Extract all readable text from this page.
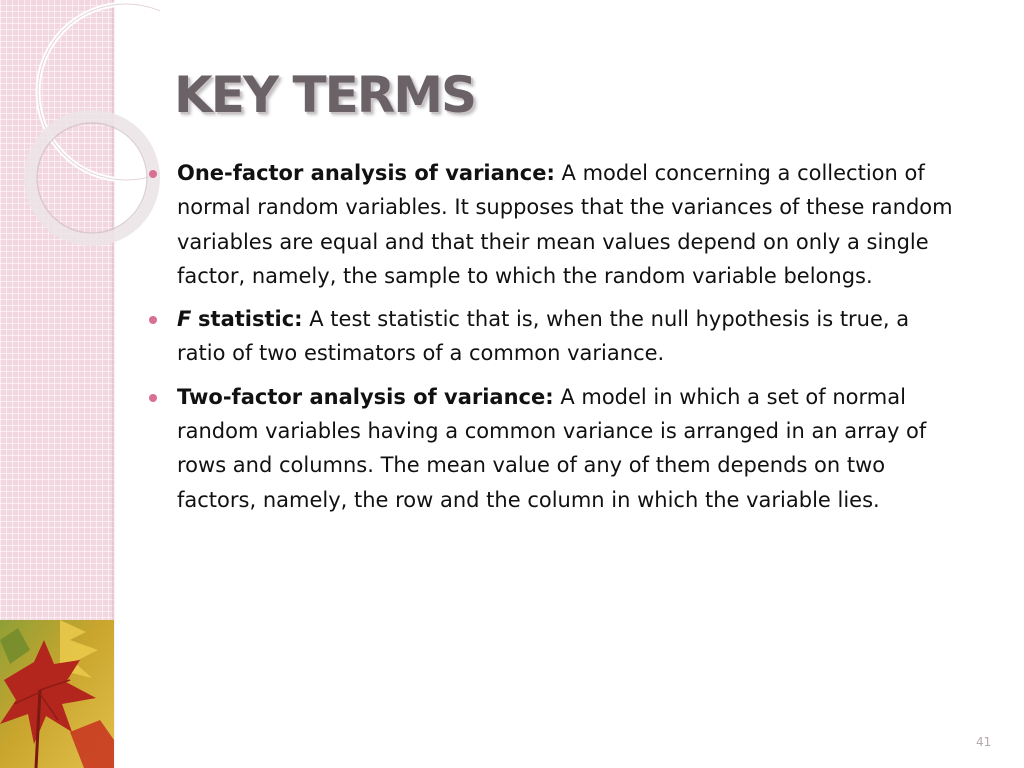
KEY TERMS
One-factor analysis of variance: A model concerning a collection of normal random variables. It supposes that the variances of these random variables are equal and that their mean values depend on only a single factor, namely, the sample to which the random variable belongs.
F statistic: A test statistic that is, when the null hypothesis is true, a ratio of two estimators of a common variance.
Two-factor analysis of variance: A model in which a set of normal random variables having a common variance is arranged in an array of rows and columns. The mean value of any of them depends on two factors, namely, the row and the column in which the variable lies.
41
